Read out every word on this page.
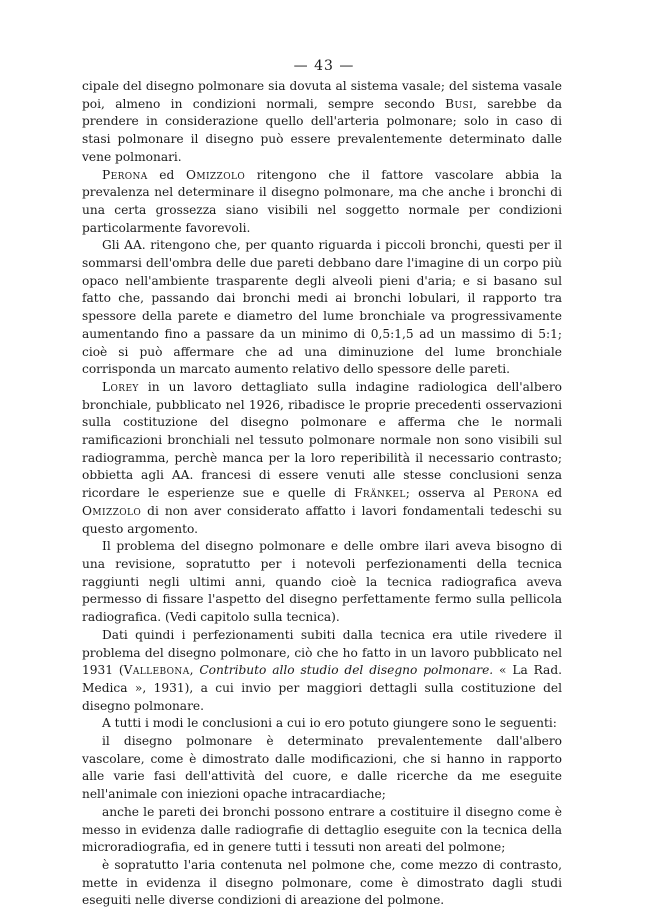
— 43 —

cipale del disegno polmonare sia dovuta al sistema vasale; del sistema vasale poi, almeno in condizioni normali, sempre secondo Busi, sarebbe da prendere in considerazione quello dell'arteria polmonare; solo in caso di stasi polmonare il disegno può essere prevalentemente determinato dalle vene polmonari.

Perona ed Omizzolo ritengono che il fattore vascolare abbia la prevalenza nel determinare il disegno polmonare, ma che anche i bronchi di una certa grossezza siano visibili nel soggetto normale per condizioni particolarmente favorevoli.

Gli AA. ritengono che, per quanto riguarda i piccoli bronchi, questi per il sommarsi dell'ombra delle due pareti debbano dare l'imagine di un corpo più opaco nell'ambiente trasparente degli alveoli pieni d'aria; e si basano sul fatto che, passando dai bronchi medi ai bronchi lobulari, il rapporto tra spessore della parete e diametro del lume bronchiale va progressivamente aumentando fino a passare da un minimo di 0,5:1,5 ad un massimo di 5:1; cioè si può affermare che ad una diminuzione del lume bronchiale corrisponda un marcato aumento relativo dello spessore delle pareti.

Lorey in un lavoro dettagliato sulla indagine radiologica dell'albero bronchiale, pubblicato nel 1926, ribadisce le proprie precedenti osservazioni sulla costituzione del disegno polmonare e afferma che le normali ramificazioni bronchiali nel tessuto polmonare normale non sono visibili sul radiogramma, perchè manca per la loro reperibilità il necessario contrasto; obbietta agli AA. francesi di essere venuti alle stesse conclusioni senza ricordare le esperienze sue e quelle di Fränkel; osserva al Perona ed Omizzolo di non aver considerato affatto i lavori fondamentali tedeschi su questo argomento.

Il problema del disegno polmonare e delle ombre ilari aveva bisogno di una revisione, sopratutto per i notevoli perfezionamenti della tecnica raggiunti negli ultimi anni, quando cioè la tecnica radiografica aveva permesso di fissare l'aspetto del disegno perfettamente fermo sulla pellicola radiografica. (Vedi capitolo sulla tecnica).

Dati quindi i perfezionamenti subiti dalla tecnica era utile rivedere il problema del disegno polmonare, ciò che ho fatto in un lavoro pubblicato nel 1931 (Vallebona, Contributo allo studio del disegno polmonare. « La Rad. Medica », 1931), a cui invio per maggiori dettagli sulla costituzione del disegno polmonare.

A tutti i modi le conclusioni a cui io ero potuto giungere sono le seguenti:

il disegno polmonare è determinato prevalentemente dall'albero vascolare, come è dimostrato dalle modificazioni, che si hanno in rapporto alle varie fasi dell'attività del cuore, e dalle ricerche da me eseguite nell'animale con iniezioni opache intracardiache;

anche le pareti dei bronchi possono entrare a costituire il disegno come è messo in evidenza dalle radiografie di dettaglio eseguite con la tecnica della microradiografia, ed in genere tutti i tessuti non areati del polmone;

è sopratutto l'aria contenuta nel polmone che, come mezzo di contrasto, mette in evidenza il disegno polmonare, come è dimostrato dagli studi eseguiti nelle diverse condizioni di areazione del polmone.
